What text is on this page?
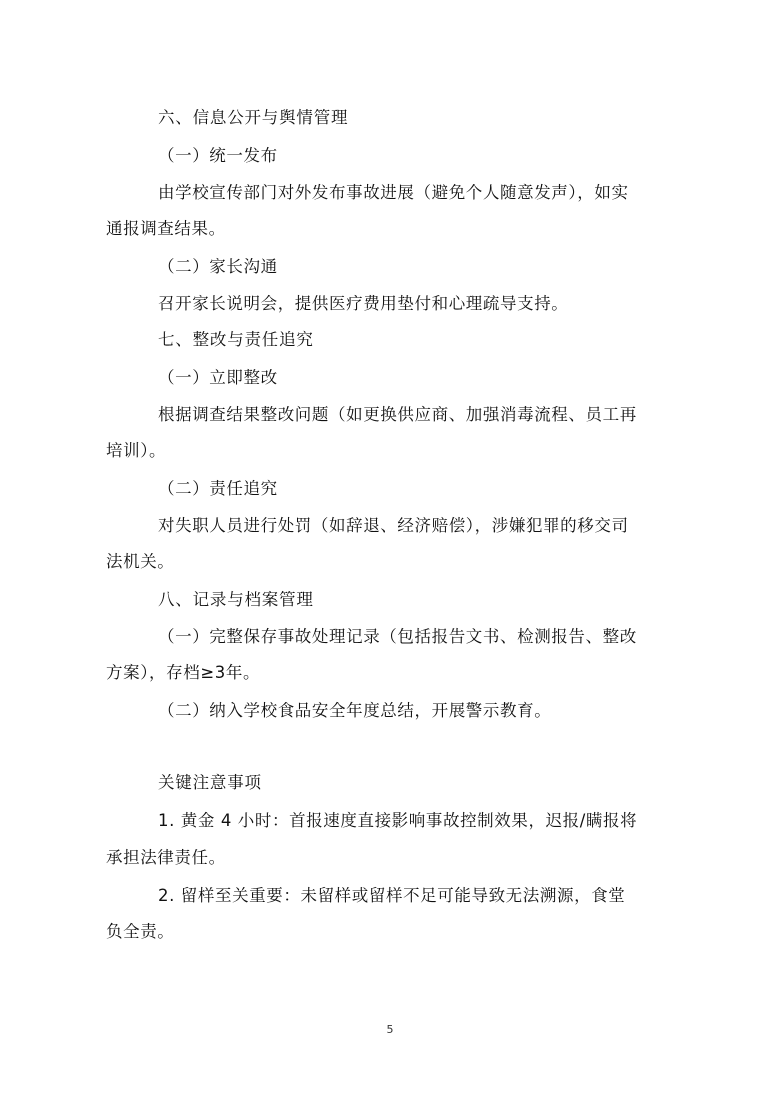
六、信息公开与舆情管理
（一）统一发布
由学校宣传部门对外发布事故进展（避免个人随意发声），如实
通报调查结果。
（二）家长沟通
召开家长说明会，提供医疗费用垫付和心理疏导支持。
七、整改与责任追究
（一）立即整改
根据调查结果整改问题（如更换供应商、加强消毒流程、员工再
培训）。
（二）责任追究
对失职人员进行处罚（如辞退、经济赔偿），涉嫌犯罪的移交司
法机关。
八、记录与档案管理
（一）完整保存事故处理记录（包括报告文书、检测报告、整改
方案），存档≥3年。
（二）纳入学校食品安全年度总结，开展警示教育。
关键注意事项
1. 黄金 4 小时：首报速度直接影响事故控制效果，迟报/瞒报将
承担法律责任。
2. 留样至关重要：未留样或留样不足可能导致无法溯源，食堂
负全责。
5
